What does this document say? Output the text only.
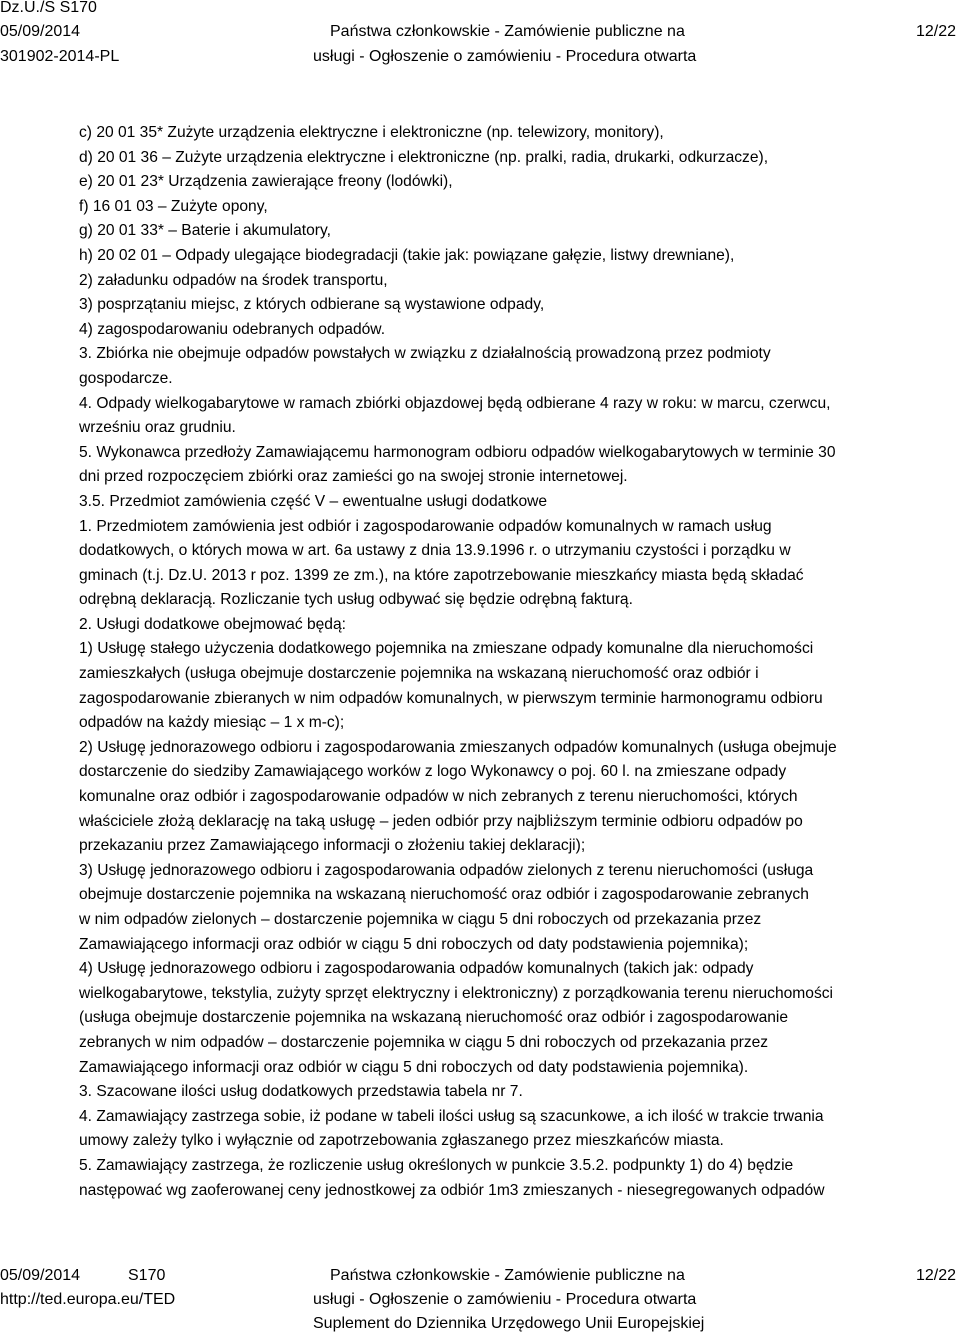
Dz.U./S S170
05/09/2014
301902-2014-PL
Państwa członkowskie - Zamówienie publiczne na
usługi - Ogłoszenie o zamówieniu - Procedura otwarta
12/22

c) 20 01 35* Zużyte urządzenia elektryczne i elektroniczne (np. telewizory, monitory),

d) 20 01 36 – Zużyte urządzenia elektryczne i elektroniczne (np. pralki, radia, drukarki, odkurzacze),

e) 20 01 23* Urządzenia zawierające freony (lodówki),

f) 16 01 03 – Zużyte opony,

g) 20 01 33* – Baterie i akumulatory,

h) 20 02 01 – Odpady ulegające biodegradacji (takie jak: powiązane gałęzie, listwy drewniane),

2) załadunku odpadów na środek transportu,

3) posprzątaniu miejsc, z których odbierane są wystawione odpady,

4) zagospodarowaniu odebranych odpadów.

3. Zbiórka nie obejmuje odpadów powstałych w związku z działalnością prowadzoną przez podmioty

gospodarcze.

4. Odpady wielkogabarytowe w ramach zbiórki objazdowej będą odbierane 4 razy w roku: w marcu, czerwcu,

wrześniu oraz grudniu.

5. Wykonawca przedłoży Zamawiającemu harmonogram odbioru odpadów wielkogabarytowych w terminie 30

dni przed rozpoczęciem zbiórki oraz zamieści go na swojej stronie internetowej.

3.5. Przedmiot zamówienia część V – ewentualne usługi dodatkowe

1. Przedmiotem zamówienia jest odbiór i zagospodarowanie odpadów komunalnych w ramach usług

dodatkowych, o których mowa w art. 6a ustawy z dnia 13.9.1996 r. o utrzymaniu czystości i porządku w

gminach (t.j. Dz.U. 2013 r poz. 1399 ze zm.), na które zapotrzebowanie mieszkańcy miasta będą składać

odrębną deklaracją. Rozliczanie tych usług odbywać się będzie odrębną fakturą.

2. Usługi dodatkowe obejmować będą:

1) Usługę stałego użyczenia dodatkowego pojemnika na zmieszane odpady komunalne dla nieruchomości

zamieszkałych (usługa obejmuje dostarczenie pojemnika na wskazaną nieruchomość oraz odbiór i

zagospodarowanie zbieranych w nim odpadów komunalnych, w pierwszym terminie harmonogramu odbioru

odpadów na każdy miesiąc – 1 x m-c);

2) Usługę jednorazowego odbioru i zagospodarowania zmieszanych odpadów komunalnych (usługa obejmuje

dostarczenie do siedziby Zamawiającego worków z logo Wykonawcy o poj. 60 l. na zmieszane odpady

komunalne oraz odbiór i zagospodarowanie odpadów w nich zebranych z terenu nieruchomości, których

właściciele złożą deklarację na taką usługę – jeden odbiór przy najbliższym terminie odbioru odpadów po

przekazaniu przez Zamawiającego informacji o złożeniu takiej deklaracji);

3) Usługę jednorazowego odbioru i zagospodarowania odpadów zielonych z terenu nieruchomości (usługa

obejmuje dostarczenie pojemnika na wskazaną nieruchomość oraz odbiór i zagospodarowanie zebranych

w nim odpadów zielonych – dostarczenie pojemnika w ciągu 5 dni roboczych od przekazania przez

Zamawiającego informacji oraz odbiór w ciągu 5 dni roboczych od daty podstawienia pojemnika);

4) Usługę jednorazowego odbioru i zagospodarowania odpadów komunalnych (takich jak: odpady

wielkogabarytowe, tekstylia, zużyty sprzęt elektryczny i elektroniczny) z porządkowania terenu nieruchomości

(usługa obejmuje dostarczenie pojemnika na wskazaną nieruchomość oraz odbiór i zagospodarowanie

zebranych w nim odpadów – dostarczenie pojemnika w ciągu 5 dni roboczych od przekazania przez

Zamawiającego informacji oraz odbiór w ciągu 5 dni roboczych od daty podstawienia pojemnika).

3. Szacowane ilości usług dodatkowych przedstawia tabela nr 7.

4. Zamawiający zastrzega sobie, iż podane w tabeli ilości usług są szacunkowe, a ich ilość w trakcie trwania

umowy zależy tylko i wyłącznie od zapotrzebowania zgłaszanego przez mieszkańców miasta.

5. Zamawiający zastrzega, że rozliczenie usług określonych w punkcie 3.5.2. podpunkty 1) do 4) będzie

następować wg zaoferowanej ceny jednostkowej za odbiór 1m3 zmieszanych - niesegregowanych odpadów

05/09/2014	S170
http://ted.europa.eu/TED
Państwa członkowskie - Zamówienie publiczne na
usługi - Ogłoszenie o zamówieniu - Procedura otwarta
Suplement do Dziennika Urzędowego Unii Europejskiej
12/22
